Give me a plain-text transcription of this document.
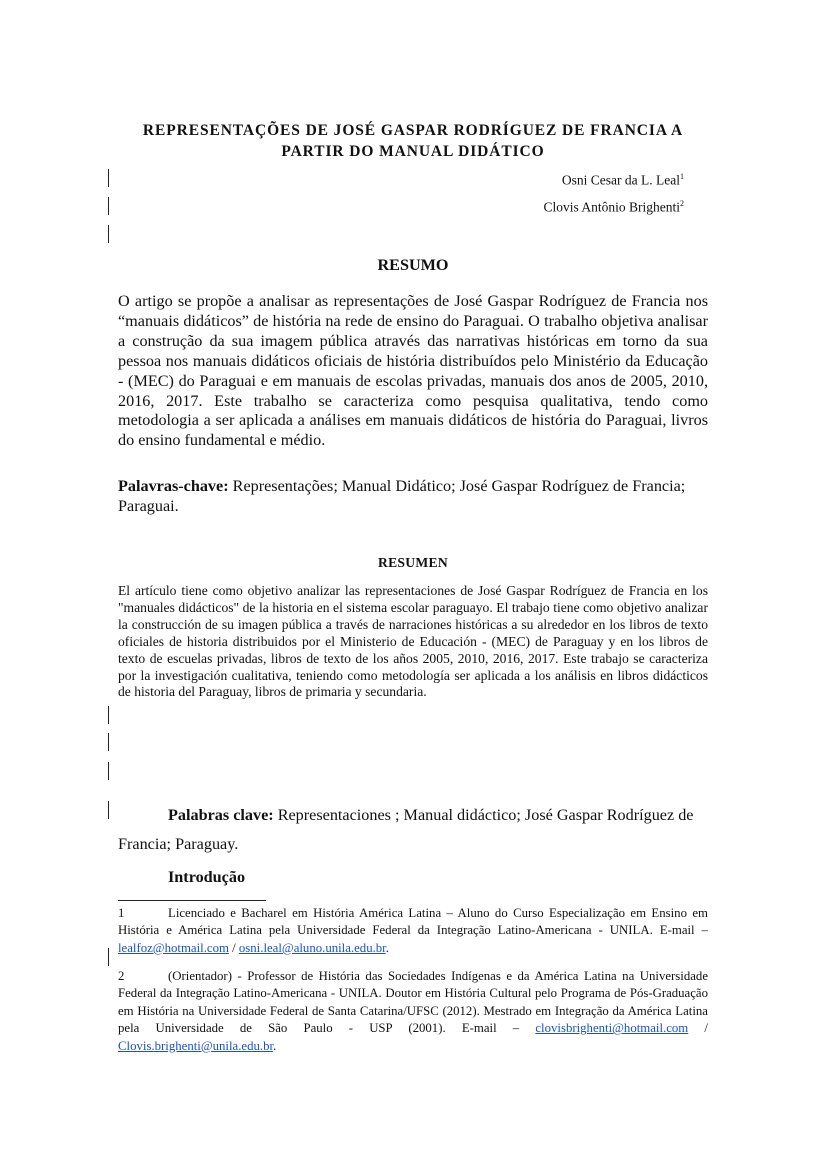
REPRESENTAÇÕES DE JOSÉ GASPAR RODRÍGUEZ DE FRANCIA A
PARTIR DO MANUAL DIDÁTICO
Osni Cesar da L. Leal$^1$
Clovis Antônio Brighenti$^2$
RESUMO
O artigo se propõe a analisar as representações de José Gaspar Rodríguez de Francia nos “manuais didáticos” de história na rede de ensino do Paraguai. O trabalho objetiva analisar a construção da sua imagem pública através das narrativas históricas em torno da sua pessoa nos manuais didáticos oficiais de história distribuídos pelo Ministério da Educação - (MEC) do Paraguai e em manuais de escolas privadas, manuais dos anos de 2005, 2010, 2016, 2017. Este trabalho se caracteriza como pesquisa qualitativa, tendo como metodologia a ser aplicada a análises em manuais didáticos de história do Paraguai, livros do ensino fundamental e médio.
Palavras-chave: Representações; Manual Didático; José Gaspar Rodríguez de Francia; Paraguai.
RESUMEN
El artículo tiene como objetivo analizar las representaciones de José Gaspar Rodríguez de Francia en los "manuales didácticos" de la historia en el sistema escolar paraguayo. El trabajo tiene como objetivo analizar la construcción de su imagen pública a través de narraciones históricas a su alrededor en los libros de texto oficiales de historia distribuidos por el Ministerio de Educación - (MEC) de Paraguay y en los libros de texto de escuelas privadas, libros de texto de los años 2005, 2010, 2016, 2017. Este trabajo se caracteriza por la investigación cualitativa, teniendo como metodología ser aplicada a los análisis en libros didácticos de historia del Paraguay, libros de primaria y secundaria.
Palabras clave: Representaciones ; Manual didáctico; José Gaspar Rodríguez de Francia; Paraguay.
Introdução
1	Licenciado e Bacharel em História América Latina – Aluno do Curso Especialização em Ensino em História e América Latina pela Universidade Federal da Integração Latino-Americana - UNILA. E-mail – lealfoz@hotmail.com / osni.leal@aluno.unila.edu.br.
2	(Orientador) - Professor de História das Sociedades Indígenas e da América Latina na Universidade Federal da Integração Latino-Americana - UNILA. Doutor em História Cultural pelo Programa de Pós-Graduação em História na Universidade Federal de Santa Catarina/UFSC (2012). Mestrado em Integração da América Latina pela Universidade de São Paulo - USP (2001). E-mail – clovisbrighenti@hotmail.com / Clovis.brighenti@unila.edu.br.
